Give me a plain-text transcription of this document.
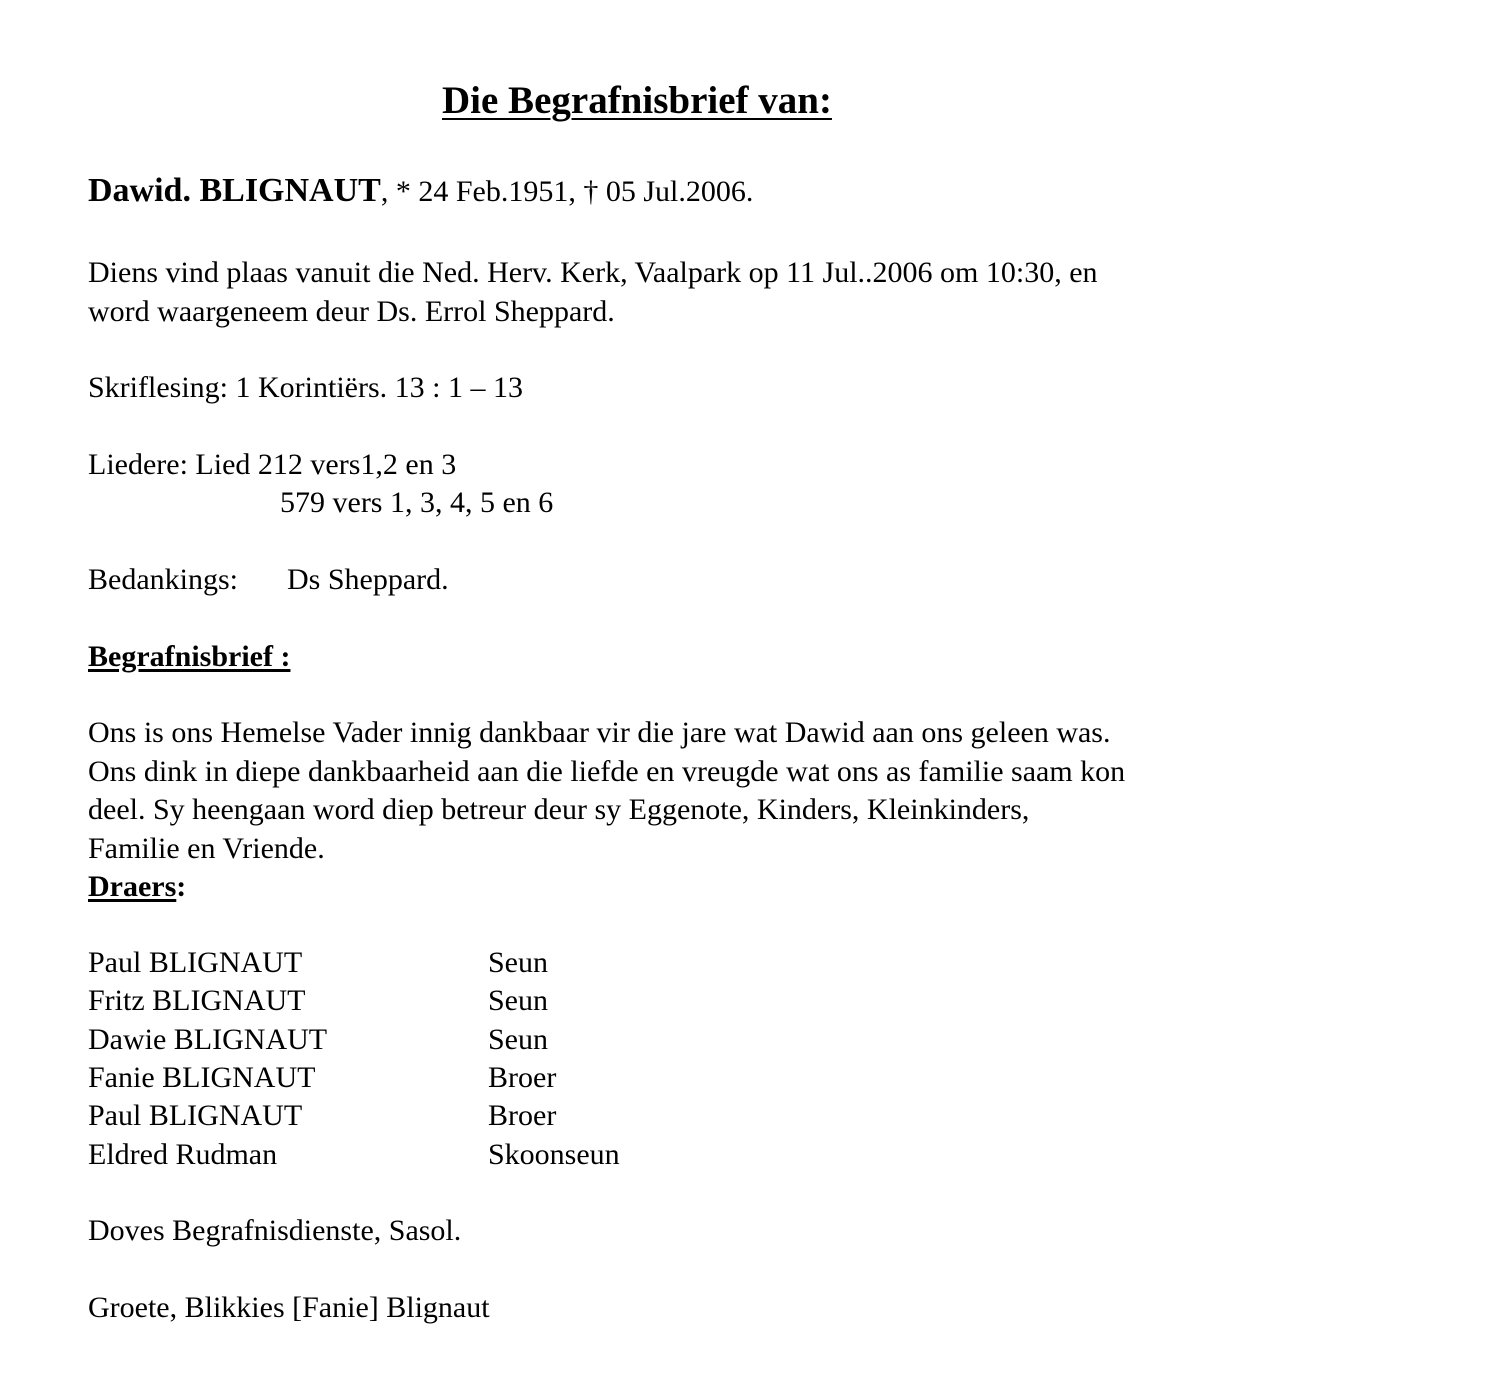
Die Begrafnisbrief van:
Dawid. BLIGNAUT, * 24 Feb.1951, † 05 Jul.2006.
Diens vind plaas vanuit die Ned. Herv. Kerk, Vaalpark op 11 Jul..2006 om 10:30, en
word waargeneem deur Ds. Errol Sheppard.
Skriflesing: 1 Korintiërs. 13 : 1 – 13
Liedere: Lied 212 vers1,2 en 3
579 vers 1, 3, 4, 5 en 6
Bedankings: Ds Sheppard.
Begrafnisbrief :
Ons is ons Hemelse Vader innig dankbaar vir die jare wat Dawid aan ons geleen was.
Ons dink in diepe dankbaarheid aan die liefde en vreugde wat ons as familie saam kon
deel. Sy heengaan word diep betreur deur sy Eggenote, Kinders, Kleinkinders,
Familie en Vriende.
Draers:
Paul BLIGNAUT	Seun
Fritz BLIGNAUT	Seun
Dawie BLIGNAUT	Seun
Fanie BLIGNAUT	Broer
Paul BLIGNAUT	Broer
Eldred Rudman	Skoonseun
Doves Begrafnisdienste, Sasol.
Groete, Blikkies [Fanie] Blignaut
